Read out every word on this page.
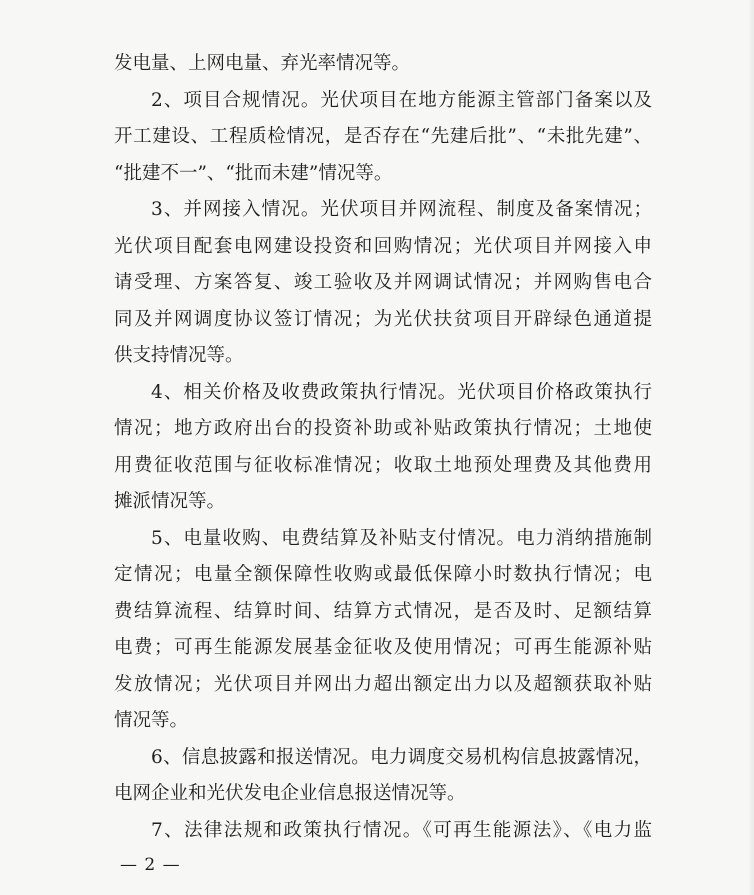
发电量、上网电量、弃光率情况等。
2、项目合规情况。光伏项目在地方能源主管部门备案以及
开工建设、工程质检情况，是否存在“先建后批”、“未批先建”、
“批建不一”、“批而未建”情况等。
3、并网接入情况。光伏项目并网流程、制度及备案情况；
光伏项目配套电网建设投资和回购情况；光伏项目并网接入申
请受理、方案答复、竣工验收及并网调试情况；并网购售电合
同及并网调度协议签订情况；为光伏扶贫项目开辟绿色通道提
供支持情况等。
4、相关价格及收费政策执行情况。光伏项目价格政策执行
情况；地方政府出台的投资补助或补贴政策执行情况；土地使
用费征收范围与征收标准情况；收取土地预处理费及其他费用
摊派情况等。
5、电量收购、电费结算及补贴支付情况。电力消纳措施制
定情况；电量全额保障性收购或最低保障小时数执行情况；电
费结算流程、结算时间、结算方式情况，是否及时、足额结算
电费；可再生能源发展基金征收及使用情况；可再生能源补贴
发放情况；光伏项目并网出力超出额定出力以及超额获取补贴
情况等。
6、信息披露和报送情况。电力调度交易机构信息披露情况，
电网企业和光伏发电企业信息报送情况等。
7、法律法规和政策执行情况。《可再生能源法》、《电力监
— 2 —
